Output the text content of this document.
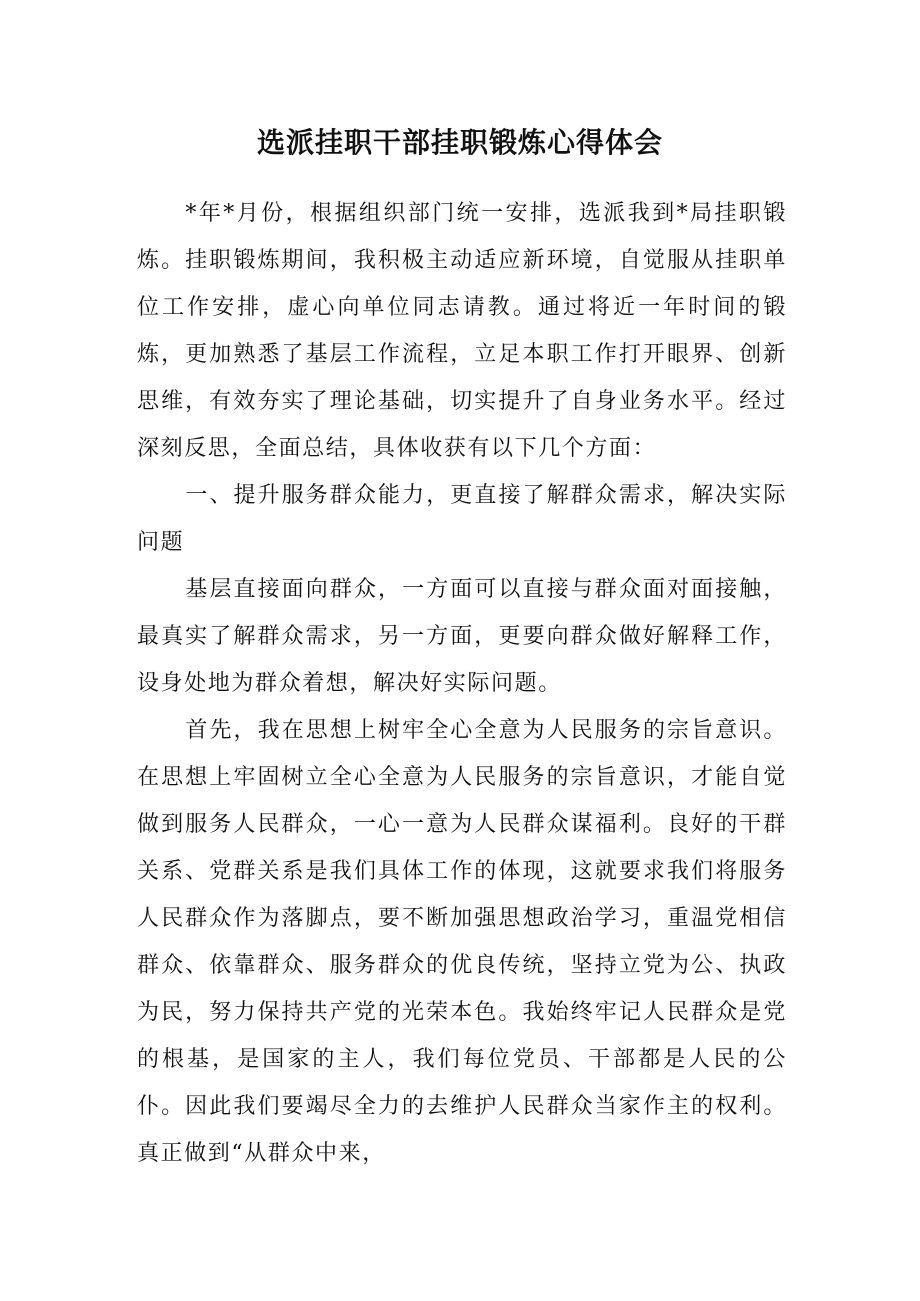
选派挂职干部挂职锻炼心得体会

*年*月份，根据组织部门统一安排，选派我到*局挂职锻炼。挂职锻炼期间，我积极主动适应新环境，自觉服从挂职单位工作安排，虚心向单位同志请教。通过将近一年时间的锻炼，更加熟悉了基层工作流程，立足本职工作打开眼界、创新思维，有效夯实了理论基础，切实提升了自身业务水平。经过深刻反思，全面总结，具体收获有以下几个方面：

一、提升服务群众能力，更直接了解群众需求，解决实际问题

基层直接面向群众，一方面可以直接与群众面对面接触，最真实了解群众需求，另一方面，更要向群众做好解释工作，设身处地为群众着想，解决好实际问题。

首先，我在思想上树牢全心全意为人民服务的宗旨意识。在思想上牢固树立全心全意为人民服务的宗旨意识，才能自觉做到服务人民群众，一心一意为人民群众谋福利。良好的干群关系、党群关系是我们具体工作的体现，这就要求我们将服务人民群众作为落脚点，要不断加强思想政治学习，重温党相信群众、依靠群众、服务群众的优良传统，坚持立党为公、执政为民，努力保持共产党的光荣本色。我始终牢记人民群众是党的根基，是国家的主人，我们每位党员、干部都是人民的公仆。因此我们要竭尽全力的去维护人民群众当家作主的权利。真正做到“从群众中来，
